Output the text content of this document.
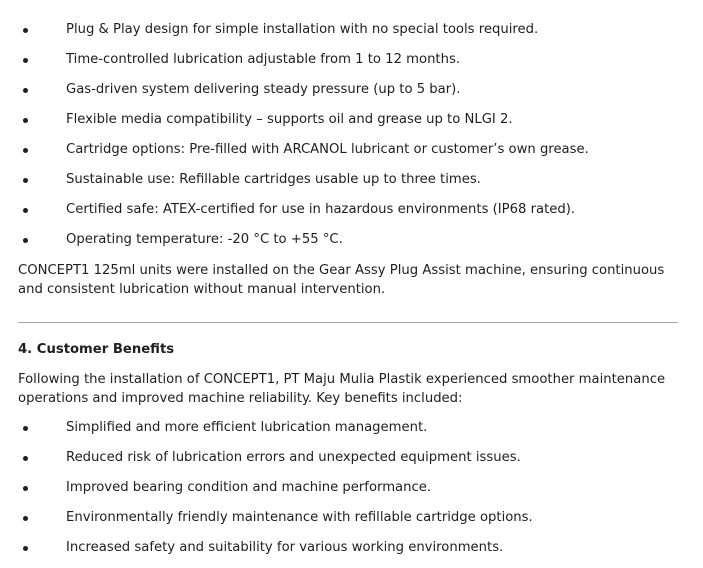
Plug & Play design for simple installation with no special tools required.
Time-controlled lubrication adjustable from 1 to 12 months.
Gas-driven system delivering steady pressure (up to 5 bar).
Flexible media compatibility – supports oil and grease up to NLGI 2.
Cartridge options: Pre-filled with ARCANOL lubricant or customer’s own grease.
Sustainable use: Refillable cartridges usable up to three times.
Certified safe: ATEX-certified for use in hazardous environments (IP68 rated).
Operating temperature: -20 °C to +55 °C.

CONCEPT1 125ml units were installed on the Gear Assy Plug Assist machine, ensuring continuous and consistent lubrication without manual intervention.

4. Customer Benefits

Following the installation of CONCEPT1, PT Maju Mulia Plastik experienced smoother maintenance operations and improved machine reliability. Key benefits included:

Simplified and more efficient lubrication management.
Reduced risk of lubrication errors and unexpected equipment issues.
Improved bearing condition and machine performance.
Environmentally friendly maintenance with refillable cartridge options.
Increased safety and suitability for various working environments.
